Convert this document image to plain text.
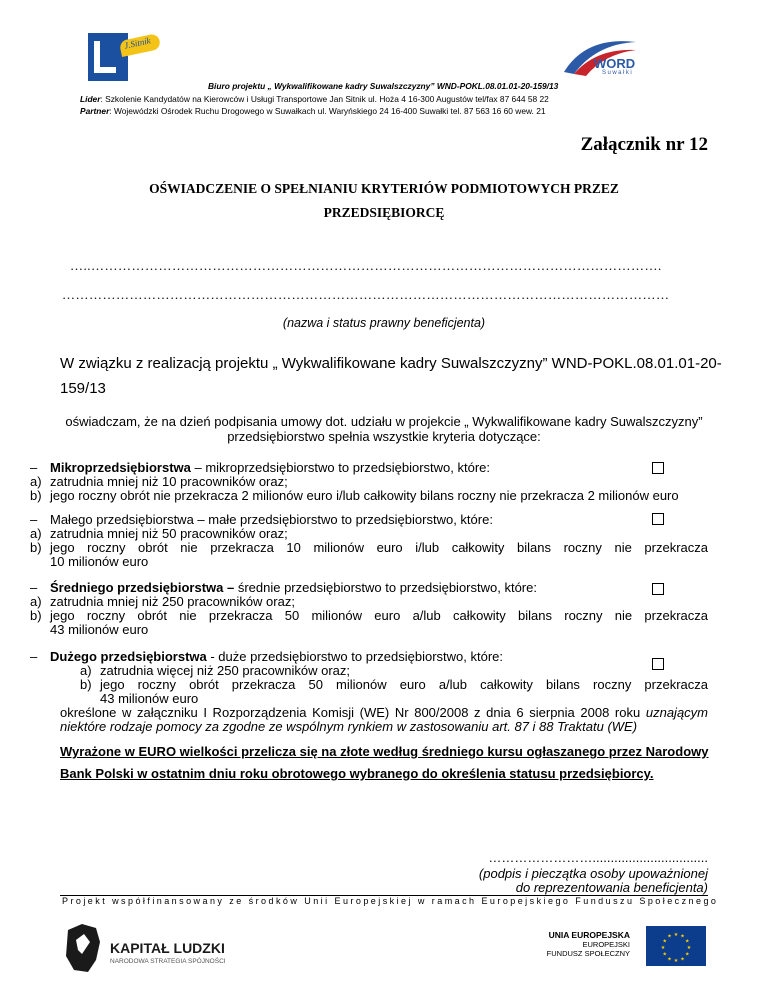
J.Sitnik
WORD
Suwałki
Biuro projektu „ Wykwalifikowane kadry Suwalszczyzny” WND-POKL.08.01.01-20-159/13
Lider: Szkolenie Kandydatów na Kierowców i Usługi Transportowe Jan Sitnik ul. Hoża 4 16-300 Augustów tel/fax 87 644 58 22
Partner: Wojewódzki Ośrodek Ruchu Drogowego w Suwałkach ul. Waryńskiego 24 16-400 Suwałki tel. 87 563 16 60 wew. 21
Załącznik nr 12
OŚWIADCZENIE O SPEŁNIANIU KRYTERIÓW PODMIOTOWYCH PRZEZ
PRZEDSIĘBIORCĘ
…..……………………………………………………………………………………………………………….
………………………………………………………………………………………………………………………
(nazwa i status prawny beneficjenta)
W związku z realizacją projektu „ Wykwalifikowane kadry Suwalszczyzny” WND-POKL.08.01.01-20-
159/13
oświadczam, że na dzień podpisania umowy dot. udziału w projekcie „ Wykwalifikowane kadry Suwalszczyzny”
przedsiębiorstwo spełnia wszystkie kryteria dotyczące:
– Mikroprzedsiębiorstwa – mikroprzedsiębiorstwo to przedsiębiorstwo, które:
a) zatrudnia mniej niż 10 pracowników oraz;
b) jego roczny obrót nie przekracza 2 milionów euro i/lub całkowity bilans roczny nie przekracza 2 milionów euro
– Małego przedsiębiorstwa – małe przedsiębiorstwo to przedsiębiorstwo, które:
a) zatrudnia mniej niż 50 pracowników oraz;
b) jego roczny obrót nie przekracza 10 milionów euro i/lub całkowity bilans roczny nie przekracza
10 milionów euro
– Średniego przedsiębiorstwa – średnie przedsiębiorstwo to przedsiębiorstwo, które:
a) zatrudnia mniej niż 250 pracowników oraz;
b) jego roczny obrót nie przekracza 50 milionów euro a/lub całkowity bilans roczny nie przekracza
43 milionów euro
– Dużego przedsiębiorstwa - duże przedsiębiorstwo to przedsiębiorstwo, które:
a) zatrudnia więcej niż 250 pracowników oraz;
b) jego roczny obrót przekracza 50 milionów euro a/lub całkowity bilans roczny przekracza
43 milionów euro
określone w załączniku I Rozporządzenia Komisji (WE) Nr 800/2008 z dnia 6 sierpnia 2008 roku uznającym
niektóre rodzaje pomocy za zgodne ze wspólnym rynkiem w zastosowaniu art. 87 i 88 Traktatu (WE)
Wyrażone w EURO wielkości przelicza się na złote według średniego kursu ogłaszanego przez Narodowy
Bank Polski w ostatnim dniu roku obrotowego wybranego do określenia statusu przedsiębiorcy.
……………………................................
(podpis i pieczątka osoby upoważnionej
do reprezentowania beneficjenta)
Projekt współfinansowany ze środków Unii Europejskiej w ramach Europejskiego Funduszu Społecznego
KAPITAŁ LUDZKI
NARODOWA STRATEGIA SPÓJNOŚCI
UNIA EUROPEJSKA
EUROPEJSKI
FUNDUSZ SPOŁECZNY
★
★
★
★
★
★
★
★
★ ★ ★
★
